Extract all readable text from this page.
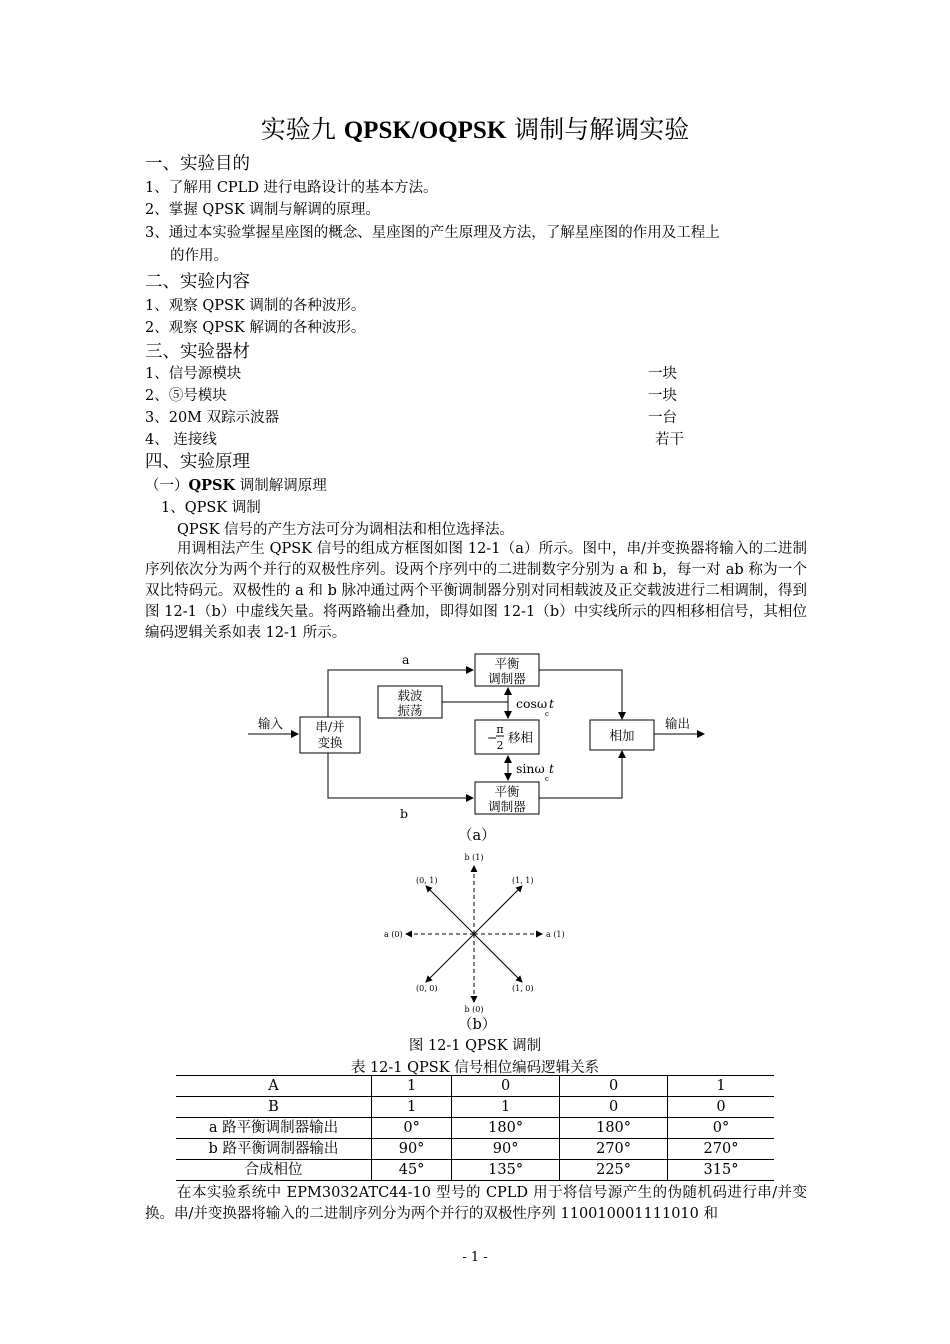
实验九 QPSK/OQPSK 调制与解调实验
一、实验目的
1、了解用 CPLD 进行电路设计的基本方法。
2、掌握 QPSK 调制与解调的原理。
3、通过本实验掌握星座图的概念、星座图的产生原理及方法，了解星座图的作用及工程上
的作用。
二、实验内容
1、观察 QPSK 调制的各种波形。
2、观察 QPSK 解调的各种波形。
三、实验器材
1、信号源模块	一块
2、⑤号模块	一块
3、20M 双踪示波器	一台
4、 连接线	若干
四、实验原理
（一）QPSK 调制解调原理
1、QPSK 调制
QPSK 信号的产生方法可分为调相法和相位选择法。
用调相法产生 QPSK 信号的组成方框图如图 12-1（a）所示。图中，串/并变换器将输入的二进制序列依次分为两个并行的双极性序列。设两个序列中的二进制数字分别为 a 和 b，每一对 ab 称为一个双比特码元。双极性的 a 和 b 脉冲通过两个平衡调制器分别对同相载波及正交载波进行二相调制，得到图 12-1（b）中虚线矢量。将两路输出叠加，即得如图 12-1（b）中实线所示的四相移相信号，其相位编码逻辑关系如表 12-1 所示。
a
b
输入	输出
串/并
变换
载波
振荡
平衡
调制器
平衡
调制器
−
π
2
移相	相加
cosω t
c
sinω t
c
（a）
b (1)
b (0)
a (1)
a (0)
(0, 1)	(1, 1)
(0, 0)	(1, 0)
（b）
图 12-1 QPSK 调制
表 12-1 QPSK 信号相位编码逻辑关系
A	1	0	0	1
B	1	1	0	0
a 路平衡调制器输出	0°	180°	180°	0°
b 路平衡调制器输出	90°	90°	270°	270°
合成相位	45°	135°	225°	315°
在本实验系统中 EPM3032ATC44-10 型号的 CPLD 用于将信号源产生的伪随机码进行串/并变换。串/并变换器将输入的二进制序列分为两个并行的双极性序列 110010001111010 和
- 1 -
